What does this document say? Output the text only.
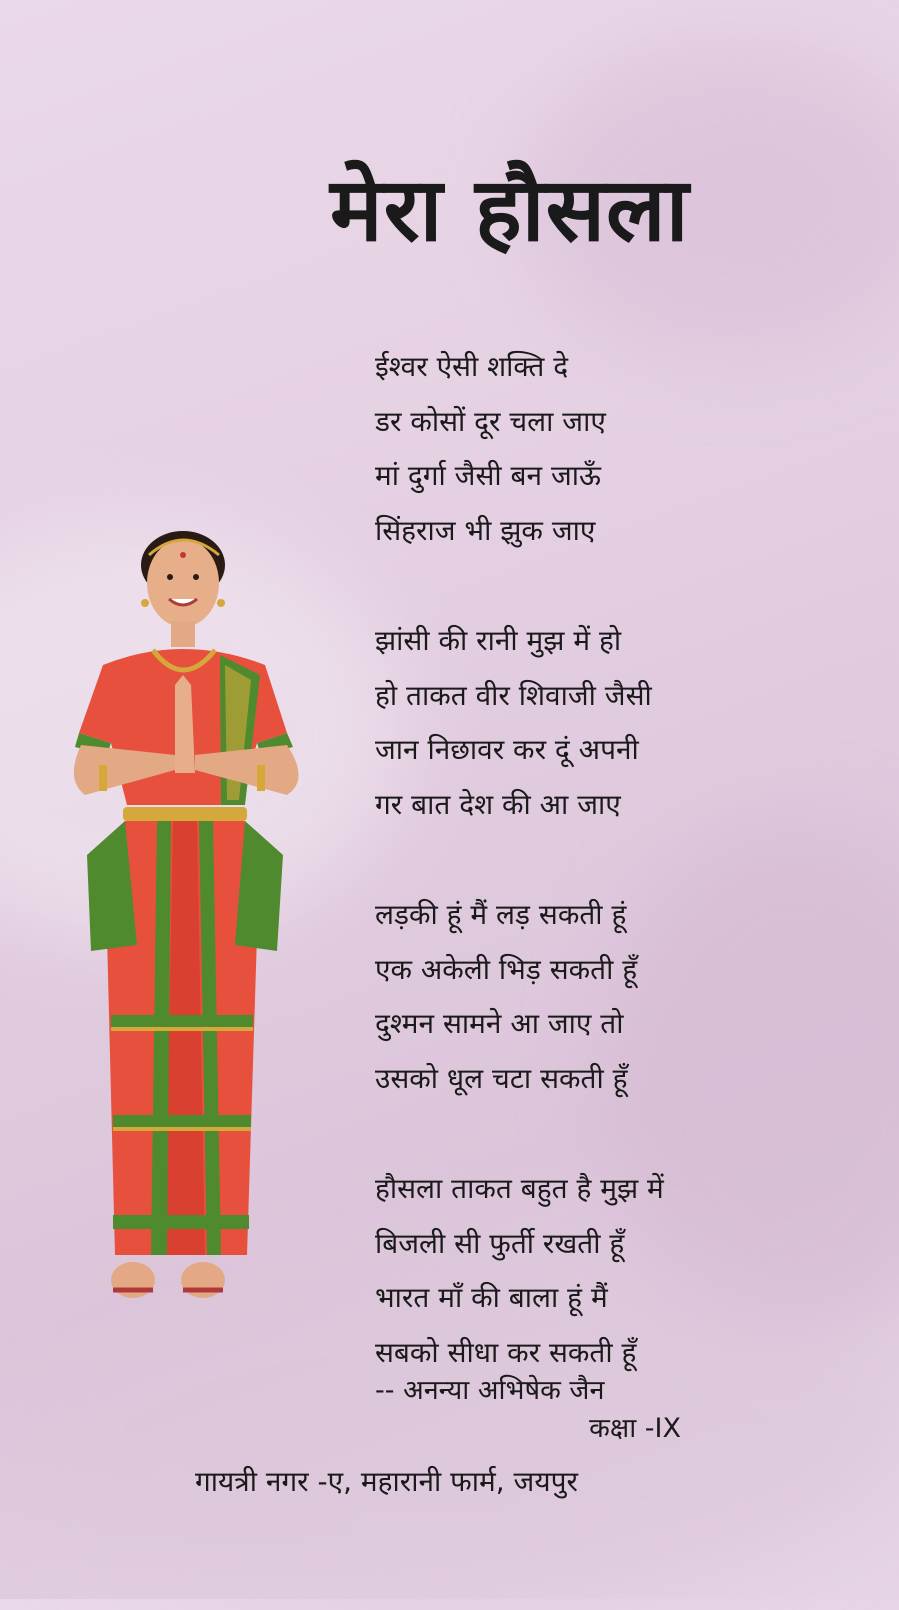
मेरा हौसला
ईश्वर ऐसी शक्ति दे
डर कोसों दूर चला जाए
मां दुर्गा जैसी बन जाऊँ
सिंहराज भी झुक जाए
झांसी की रानी मुझ में हो
हो ताकत वीर शिवाजी जैसी
जान निछावर कर दूं अपनी
गर बात देश की आ जाए
लड़की हूं मैं लड़ सकती हूं
एक अकेली भिड़ सकती हूँ
दुश्मन सामने आ जाए तो
उसको धूल चटा सकती हूँ
हौसला ताकत बहुत है मुझ में
बिजली सी फुर्ती रखती हूँ
भारत माँ की बाला हूं मैं
सबको सीधा कर सकती हूँ
-- अनन्या अभिषेक जैन
कक्षा -IX
गायत्री नगर -ए, महारानी फार्म, जयपुर
